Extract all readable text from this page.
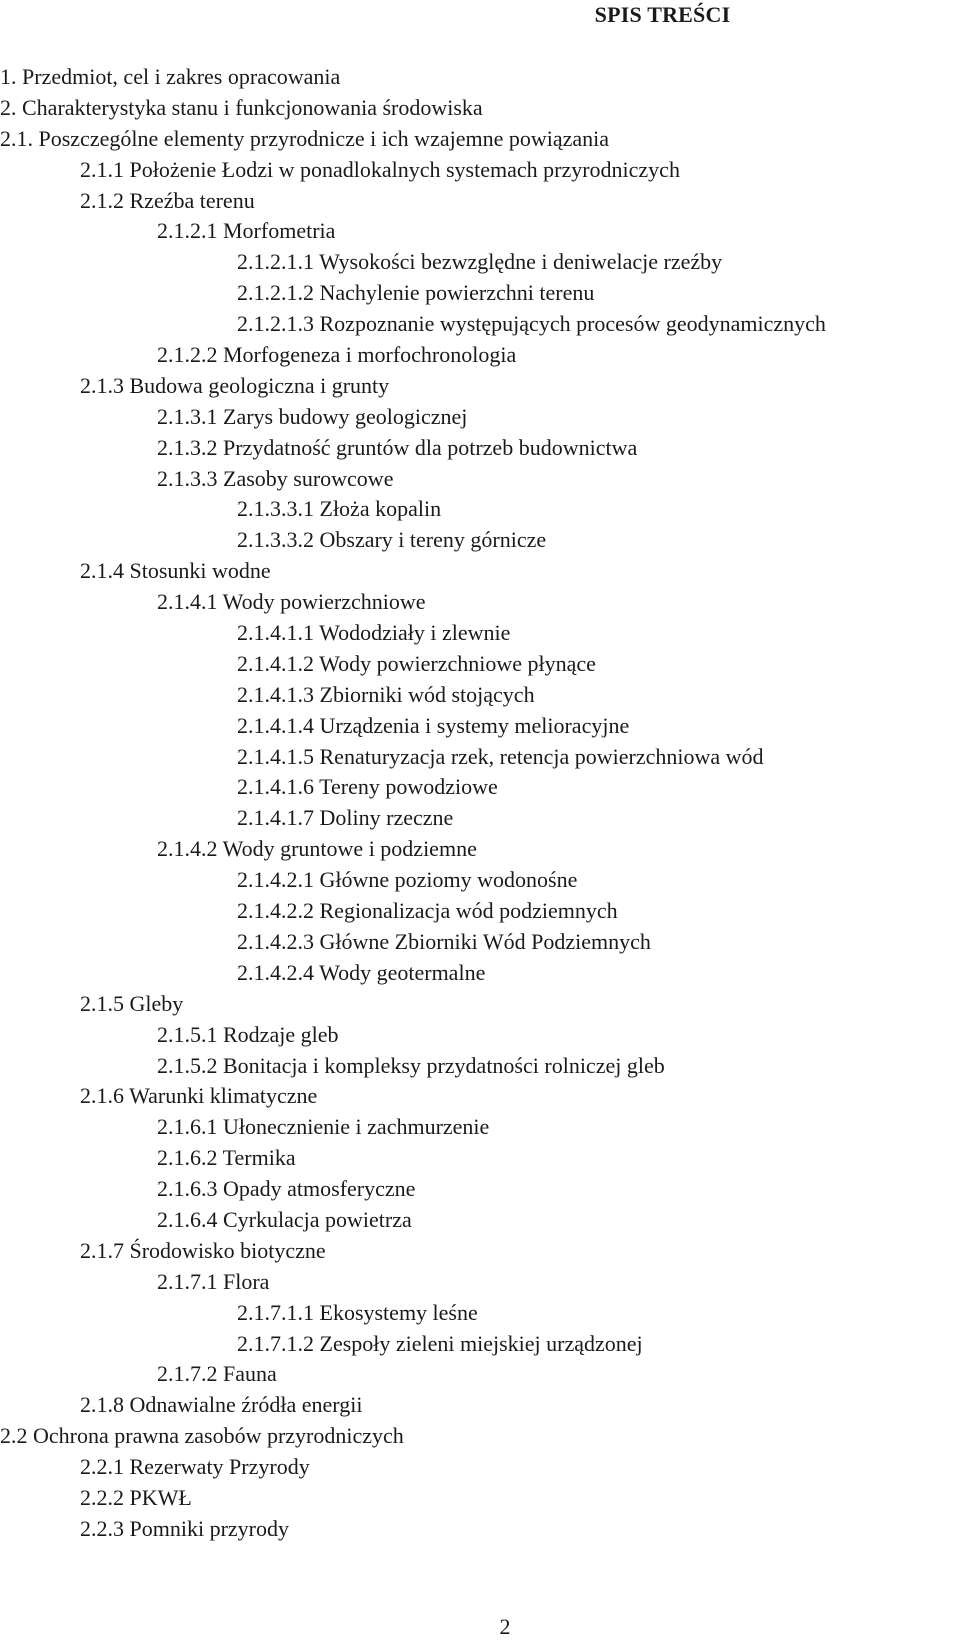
SPIS TREŚCI
1. Przedmiot, cel i zakres opracowania
2. Charakterystyka stanu i funkcjonowania środowiska
2.1. Poszczególne elementy przyrodnicze i ich wzajemne powiązania
2.1.1 Położenie Łodzi w ponadlokalnych systemach przyrodniczych
2.1.2 Rzeźba terenu
2.1.2.1 Morfometria
2.1.2.1.1 Wysokości bezwzględne i deniwelacje rzeźby
2.1.2.1.2 Nachylenie powierzchni terenu
2.1.2.1.3 Rozpoznanie występujących procesów geodynamicznych
2.1.2.2 Morfogeneza i morfochronologia
2.1.3 Budowa geologiczna i grunty
2.1.3.1 Zarys budowy geologicznej
2.1.3.2 Przydatność gruntów dla potrzeb budownictwa
2.1.3.3 Zasoby surowcowe
2.1.3.3.1 Złoża kopalin
2.1.3.3.2 Obszary i tereny górnicze
2.1.4 Stosunki wodne
2.1.4.1 Wody powierzchniowe
2.1.4.1.1 Wododziały i zlewnie
2.1.4.1.2 Wody powierzchniowe płynące
2.1.4.1.3 Zbiorniki wód stojących
2.1.4.1.4 Urządzenia i systemy melioracyjne
2.1.4.1.5 Renaturyzacja rzek, retencja powierzchniowa wód
2.1.4.1.6 Tereny powodziowe
2.1.4.1.7 Doliny rzeczne
2.1.4.2 Wody gruntowe i podziemne
2.1.4.2.1 Główne poziomy wodonośne
2.1.4.2.2 Regionalizacja wód podziemnych
2.1.4.2.3 Główne Zbiorniki Wód Podziemnych
2.1.4.2.4 Wody geotermalne
2.1.5 Gleby
2.1.5.1 Rodzaje gleb
2.1.5.2 Bonitacja i kompleksy przydatności rolniczej gleb
2.1.6 Warunki klimatyczne
2.1.6.1 Ułonecznienie i zachmurzenie
2.1.6.2 Termika
2.1.6.3 Opady atmosferyczne
2.1.6.4 Cyrkulacja powietrza
2.1.7 Środowisko biotyczne
2.1.7.1 Flora
2.1.7.1.1 Ekosystemy leśne
2.1.7.1.2 Zespoły zieleni miejskiej urządzonej
2.1.7.2 Fauna
2.1.8 Odnawialne źródła energii
2.2 Ochrona prawna zasobów przyrodniczych
2.2.1 Rezerwaty Przyrody
2.2.2 PKWŁ
2.2.3 Pomniki przyrody
2
